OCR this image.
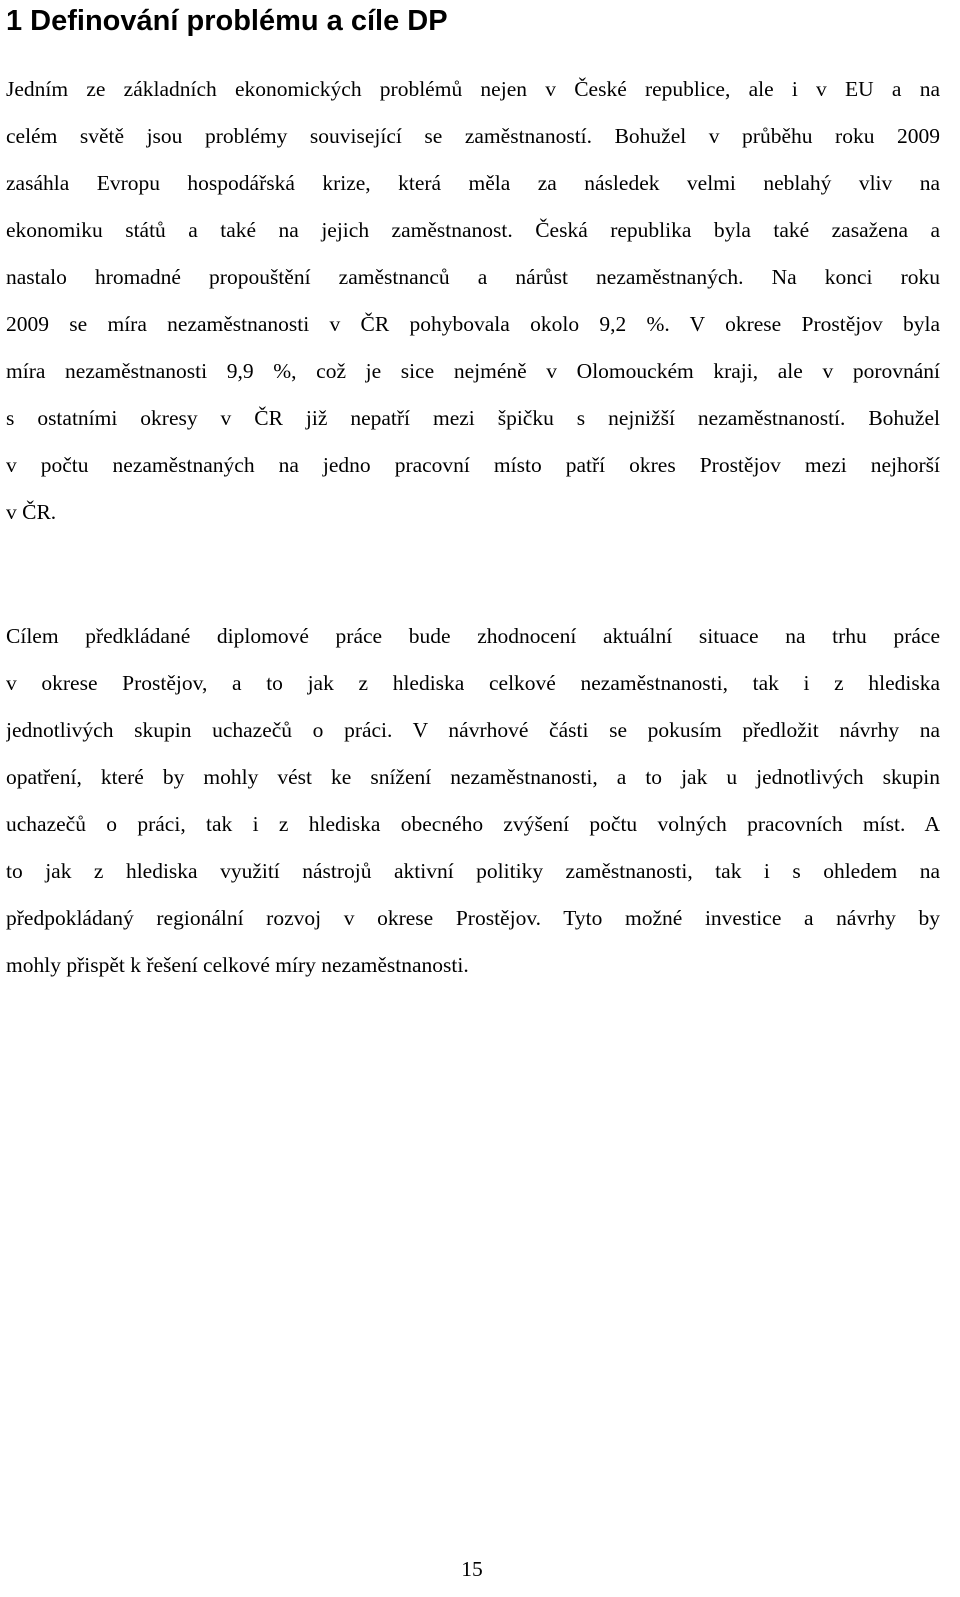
1 Definování problému a cíle DP
Jedním ze základních ekonomických problémů nejen v České republice, ale i v EU a na
celém světě jsou problémy související se zaměstnaností. Bohužel v průběhu roku 2009
zasáhla Evropu hospodářská krize, která měla za následek velmi neblahý vliv na
ekonomiku států a také na jejich zaměstnanost. Česká republika byla také zasažena a
nastalo hromadné propouštění zaměstnanců a nárůst nezaměstnaných. Na konci roku
2009 se míra nezaměstnanosti v ČR pohybovala okolo 9,2 %. V okrese Prostějov byla
míra nezaměstnanosti 9,9 %, což je sice nejméně v Olomouckém kraji, ale v porovnání
s ostatními okresy v ČR již nepatří mezi špičku s nejnižší nezaměstnaností. Bohužel
v počtu nezaměstnaných na jedno pracovní místo patří okres Prostějov mezi nejhorší
v ČR.
Cílem předkládané diplomové práce bude zhodnocení aktuální situace na trhu práce
v okrese Prostějov, a to jak z hlediska celkové nezaměstnanosti, tak i z hlediska
jednotlivých skupin uchazečů o práci. V návrhové části se pokusím předložit návrhy na
opatření, které by mohly vést ke snížení nezaměstnanosti, a to jak u jednotlivých skupin
uchazečů o práci, tak i z hlediska obecného zvýšení počtu volných pracovních míst. A
to jak z hlediska využití nástrojů aktivní politiky zaměstnanosti, tak i s ohledem na
předpokládaný regionální rozvoj v okrese Prostějov. Tyto možné investice a návrhy by
mohly přispět k řešení celkové míry nezaměstnanosti.
15
